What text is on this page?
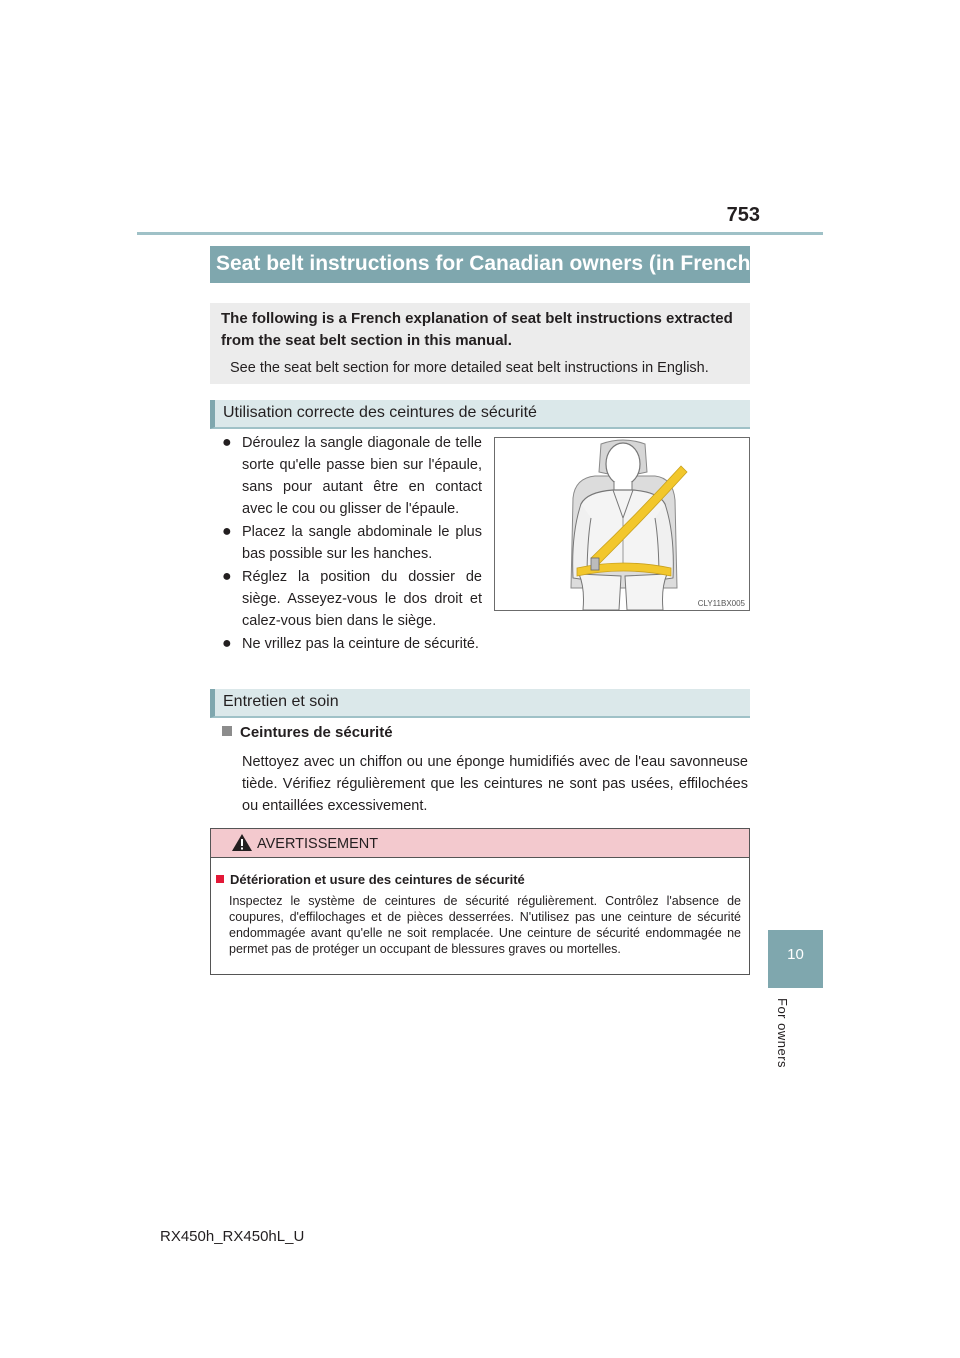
753
Seat belt instructions for Canadian owners (in French)

The following is a French explanation of seat belt instructions extracted from the seat belt section in this manual.

See the seat belt section for more detailed seat belt instructions in English.

Utilisation correcte des ceintures de sécurité
● Déroulez la sangle diagonale de telle sorte qu'elle passe bien sur l'épaule, sans pour autant être en contact avec le cou ou glisser de l'épaule.
● Placez la sangle abdominale le plus bas possible sur les hanches.
● Réglez la position du dossier de siège. Asseyez-vous le dos droit et calez-vous bien dans le siège.
● Ne vrillez pas la ceinture de sécurité.
CLY11BX005
Entretien et soin
Ceintures de sécurité

Nettoyez avec un chiffon ou une éponge humidifiés avec de l'eau savonneuse tiède. Vérifiez régulièrement que les ceintures ne sont pas usées, effilochées ou entaillées excessivement.

AVERTISSEMENT
Détérioration et usure des ceintures de sécurité

Inspectez le système de ceintures de sécurité régulièrement. Contrôlez l'absence de coupures, d'effilochages et de pièces desserrées. N'utilisez pas une ceinture de sécurité endommagée avant qu'elle ne soit remplacée. Une ceinture de sécurité endommagée ne permet pas de protéger un occupant de blessures graves ou mortelles.	10
For owners
RX450h_RX450hL_U
